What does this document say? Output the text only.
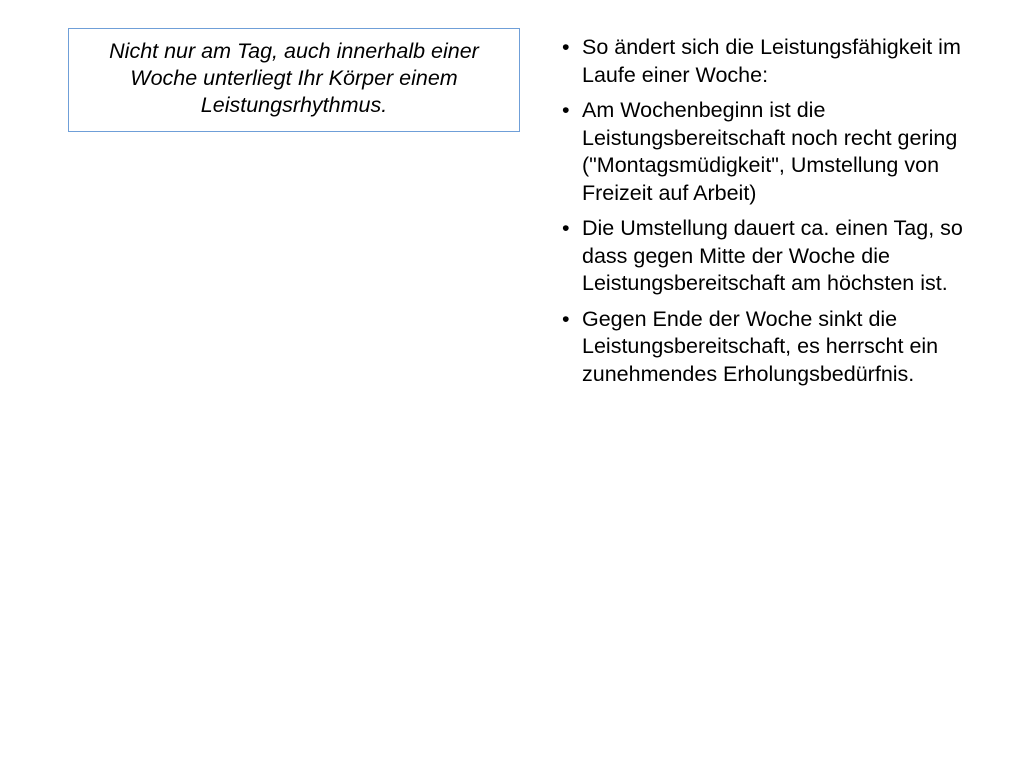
Nicht nur am Tag, auch innerhalb einer Woche unterliegt Ihr Körper einem Leistungsrhythmus.

• So ändert sich die Leistungsfähigkeit im Laufe einer Woche:
• Am Wochenbeginn ist die Leistungsbereitschaft noch recht gering ("Montagsmüdigkeit", Umstellung von Freizeit auf Arbeit)
• Die Umstellung dauert ca. einen Tag, so dass gegen Mitte der Woche die Leistungsbereitschaft am höchsten ist.
• Gegen Ende der Woche sinkt die Leistungsbereitschaft, es herrscht ein zunehmendes Erholungsbedürfnis.
